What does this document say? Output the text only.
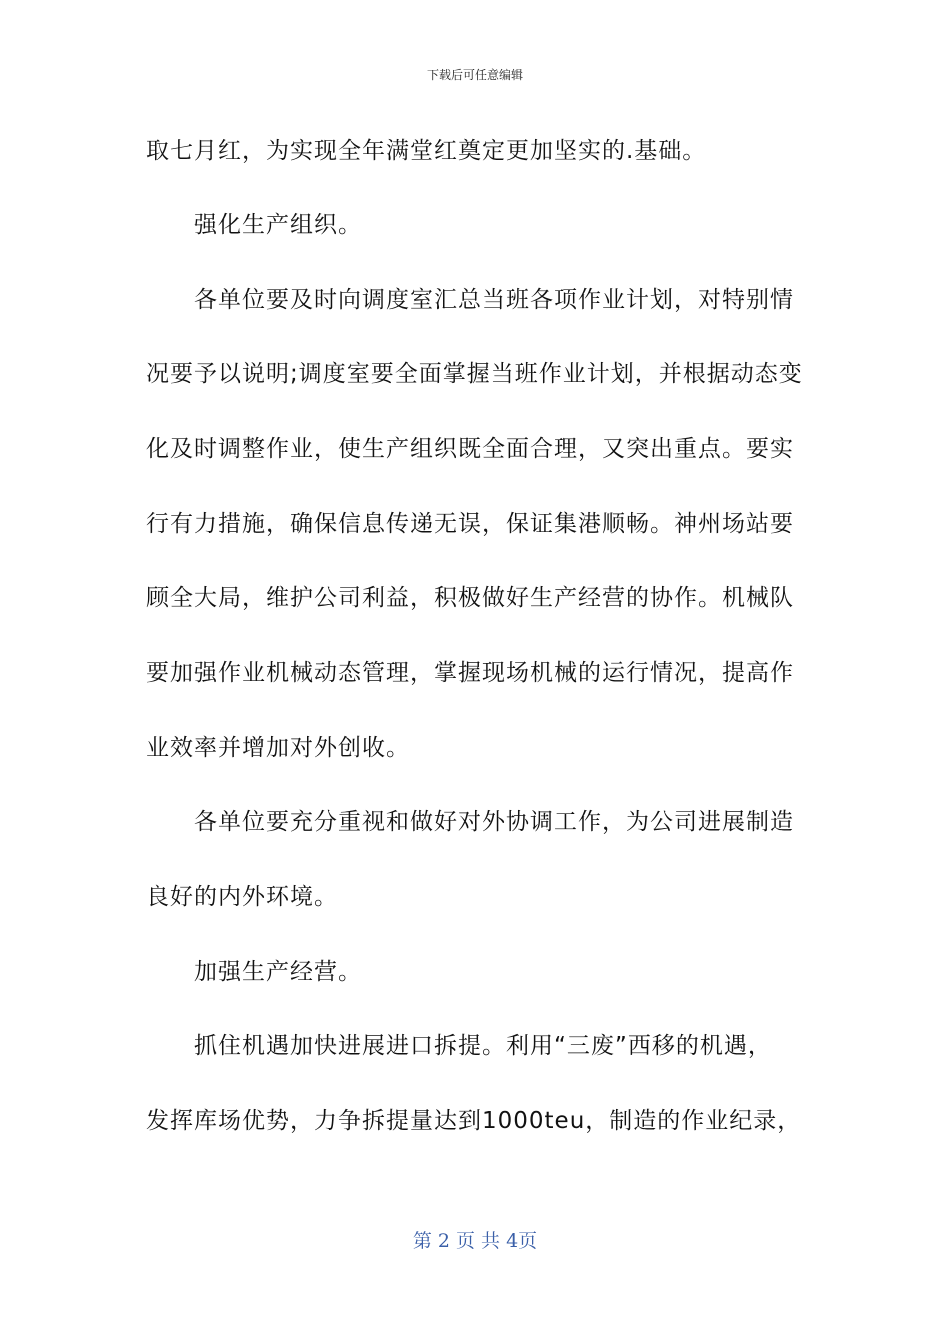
下载后可任意编辑
取七月红，为实现全年满堂红奠定更加坚实的.基础。
强化生产组织。
各单位要及时向调度室汇总当班各项作业计划，对特别情
况要予以说明;调度室要全面掌握当班作业计划，并根据动态变
化及时调整作业，使生产组织既全面合理，又突出重点。要实
行有力措施，确保信息传递无误，保证集港顺畅。神州场站要
顾全大局，维护公司利益，积极做好生产经营的协作。机械队
要加强作业机械动态管理，掌握现场机械的运行情况，提高作
业效率并增加对外创收。
各单位要充分重视和做好对外协调工作，为公司进展制造
良好的内外环境。
加强生产经营。
抓住机遇加快进展进口拆提。利用“三废”西移的机遇，
发挥库场优势，力争拆提量达到1000teu，制造的作业纪录，
第 2 页 共 4页
